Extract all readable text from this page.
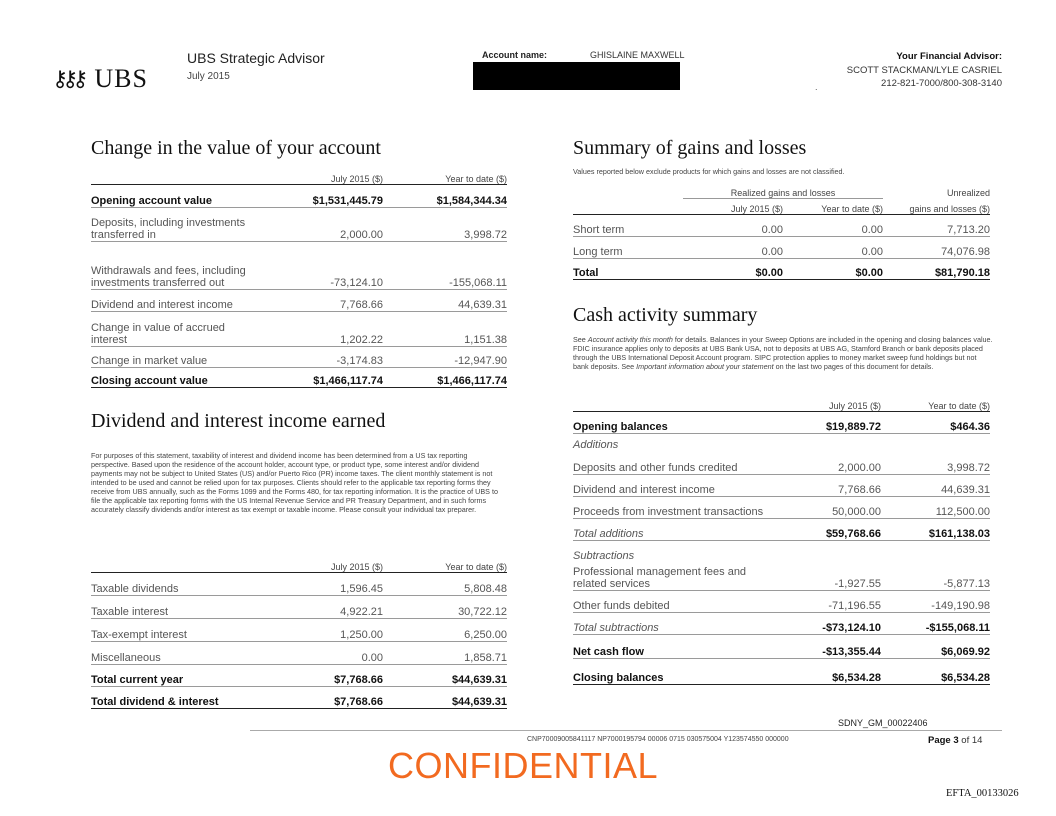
⚷⚷⚷ UBS
UBS Strategic Advisor
July 2015
Account name:	GHISLAINE MAXWELL
.
Your Financial Advisor:
SCOTT STACKMAN/LYLE CASRIEL
212-821-7000/800-308-3140
Change in the value of your account
	July 2015 ($)	Year to date ($)
Opening account value	$1,531,445.79	$1,584,344.34
Deposits, including investments transferred in	2,000.00	3,998.72
Withdrawals and fees, including investments transferred out	-73,124.10	-155,068.11
Dividend and interest income	7,768.66	44,639.31
Change in value of accrued interest	1,202.22	1,151.38
Change in market value	-3,174.83	-12,947.90
Closing account value	$1,466,117.74	$1,466,117.74
Dividend and interest income earned
For purposes of this statement, taxability of interest and dividend income has been determined from a US tax reporting perspective. Based upon the residence of the account holder, account type, or product type, some interest and/or dividend payments may not be subject to United States (US) and/or Puerto Rico (PR) income taxes. The client monthly statement is not intended to be used and cannot be relied upon for tax purposes. Clients should refer to the applicable tax reporting forms they receive from UBS annually, such as the Forms 1099 and the Forms 480, for tax reporting information. It is the practice of UBS to file the applicable tax reporting forms with the US Internal Revenue Service and PR Treasury Department, and in such forms accurately classify dividends and/or interest as tax exempt or taxable income. Please consult your individual tax preparer.
	July 2015 ($)	Year to date ($)
Taxable dividends	1,596.45	5,808.48
Taxable interest	4,922.21	30,722.12
Tax-exempt interest	1,250.00	6,250.00
Miscellaneous	0.00	1,858.71
Total current year	$7,768.66	$44,639.31
Total dividend & interest	$7,768.66	$44,639.31
Summary of gains and losses
Values reported below exclude products for which gains and losses are not classified.
	Realized gains and losses		Unrealized
	July 2015 ($)	Year to date ($)	gains and losses ($)
Short term	0.00	0.00	7,713.20
Long term	0.00	0.00	74,076.98
Total	$0.00	$0.00	$81,790.18
Cash activity summary
See Account activity this month for details. Balances in your Sweep Options are included in the opening and closing balances value. FDIC insurance applies only to deposits at UBS Bank USA, not to deposits at UBS AG, Stamford Branch or bank deposits placed through the UBS International Deposit Account program. SIPC protection applies to money market sweep fund holdings but not bank deposits. See Important information about your statement on the last two pages of this document for details.
	July 2015 ($)	Year to date ($)
Opening balances	$19,889.72	$464.36
Additions		
Deposits and other funds credited	2,000.00	3,998.72
Dividend and interest income	7,768.66	44,639.31
Proceeds from investment transactions	50,000.00	112,500.00
Total additions	$59,768.66	$161,138.03
Subtractions		
Professional management fees and related services	-1,927.55	-5,877.13
Other funds debited	-71,196.55	-149,190.98
Total subtractions	-$73,124.10	-$155,068.11
Net cash flow	-$13,355.44	$6,069.92
Closing balances	$6,534.28	$6,534.28
SDNY_GM_00022406
CNP70009005841117 NP7000195794 00006 0715 030575004 Y123574550 000000	Page 3 of 14
CONFIDENTIAL
EFTA_00133026
